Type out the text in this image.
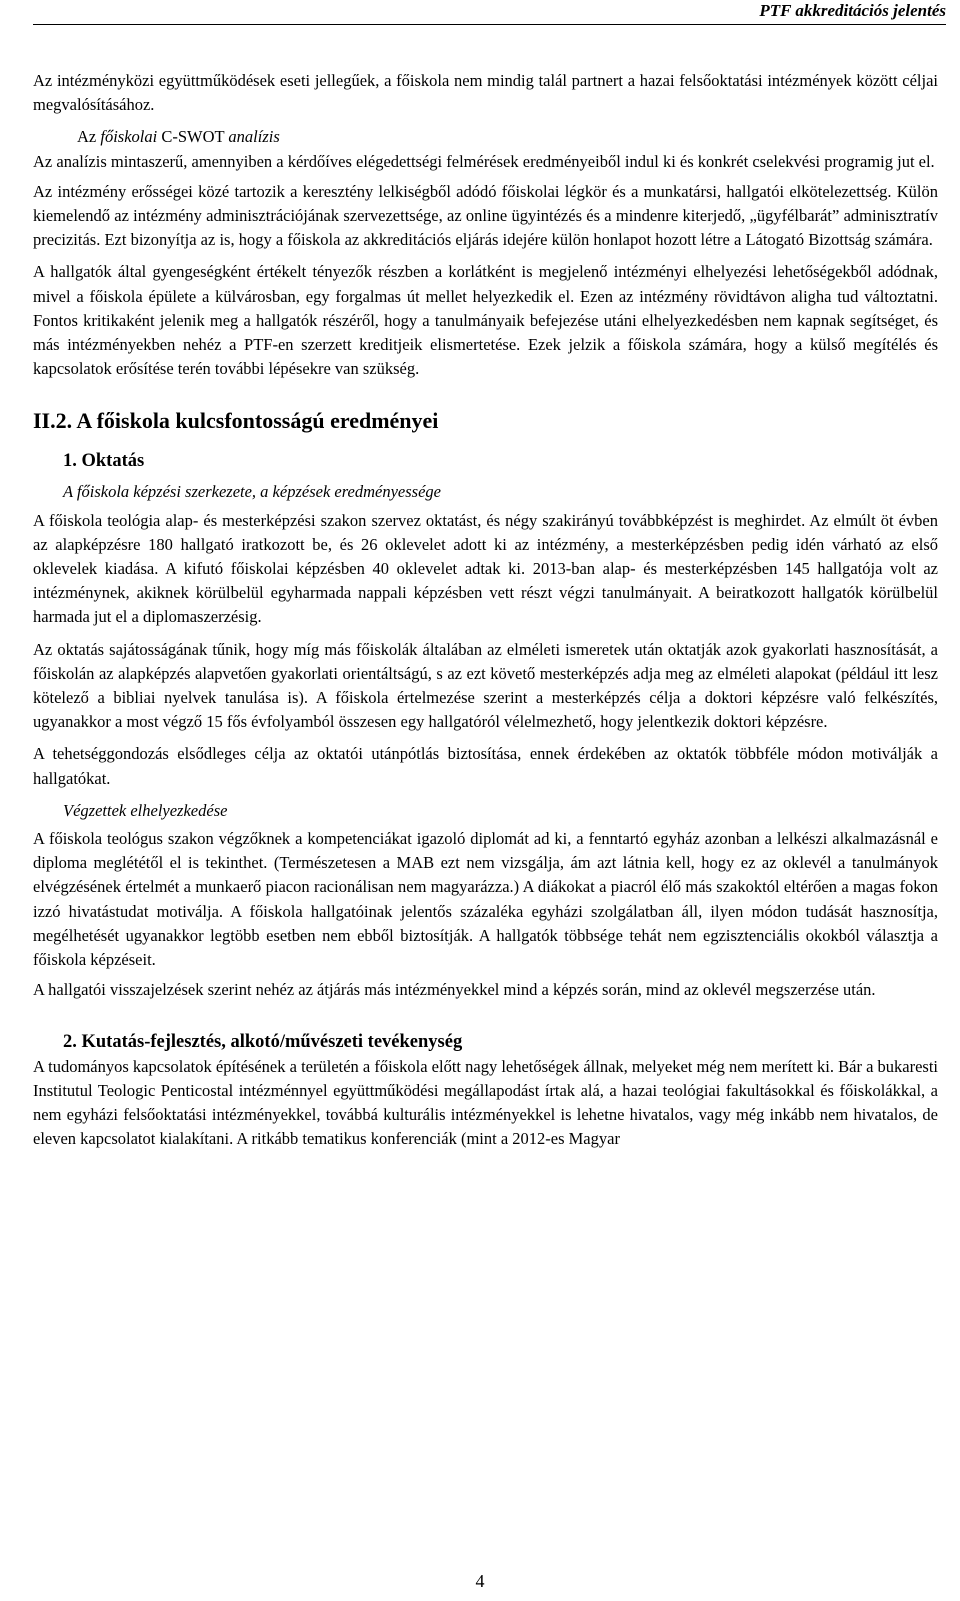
PTF akkreditációs jelentés

Az intézményközi együttműködések eseti jellegűek, a főiskola nem mindig talál partnert a hazai felsőoktatási intézmények között céljai megvalósításához.

Az főiskolai C-SWOT analízis

Az analízis mintaszerű, amennyiben a kérdőíves elégedettségi felmérések eredményeiből indul ki és konkrét cselekvési programig jut el.

Az intézmény erősségei közé tartozik a keresztény lelkiségből adódó főiskolai légkör és a munkatársi, hallgatói elkötelezettség. Külön kiemelendő az intézmény adminisztrációjának szervezettsége, az online ügyintézés és a mindenre kiterjedő, „ügyfélbarát” adminisztratív precizitás. Ezt bizonyítja az is, hogy a főiskola az akkreditációs eljárás idejére külön honlapot hozott létre a Látogató Bizottság számára.

A hallgatók által gyengeségként értékelt tényezők részben a korlátként is megjelenő intézményi elhelyezési lehetőségekből adódnak, mivel a főiskola épülete a külvárosban, egy forgalmas út mellet helyezkedik el. Ezen az intézmény rövidtávon aligha tud változtatni. Fontos kritikaként jelenik meg a hallgatók részéről, hogy a tanulmányaik befejezése utáni elhelyezkedésben nem kapnak segítséget, és más intézményekben nehéz a PTF-en szerzett kreditjeik elismertetése. Ezek jelzik a főiskola számára, hogy a külső megítélés és kapcsolatok erősítése terén további lépésekre van szükség.

II.2. A főiskola kulcsfontosságú eredményei
1. Oktatás

A főiskola képzési szerkezete, a képzések eredményessége

A főiskola teológia alap- és mesterképzési szakon szervez oktatást, és négy szakirányú továbbképzést is meghirdet. Az elmúlt öt évben az alapképzésre 180 hallgató iratkozott be, és 26 oklevelet adott ki az intézmény, a mesterképzésben pedig idén várható az első oklevelek kiadása. A kifutó főiskolai képzésben 40 oklevelet adtak ki. 2013-ban alap- és mesterképzésben 145 hallgatója volt az intézménynek, akiknek körülbelül egyharmada nappali képzésben vett részt végzi tanulmányait. A beiratkozott hallgatók körülbelül harmada jut el a diplomaszerzésig.

Az oktatás sajátosságának tűnik, hogy míg más főiskolák általában az elméleti ismeretek után oktatják azok gyakorlati hasznosítását, a főiskolán az alapképzés alapvetően gyakorlati orientáltságú, s az ezt követő mesterképzés adja meg az elméleti alapokat (például itt lesz kötelező a bibliai nyelvek tanulása is). A főiskola értelmezése szerint a mesterképzés célja a doktori képzésre való felkészítés, ugyanakkor a most végző 15 fős évfolyamból összesen egy hallgatóról vélelmezhető, hogy jelentkezik doktori képzésre.

A tehetséggondozás elsődleges célja az oktatói utánpótlás biztosítása, ennek érdekében az oktatók többféle módon motiválják a hallgatókat.

Végzettek elhelyezkedése

A főiskola teológus szakon végzőknek a kompetenciákat igazoló diplomát ad ki, a fenntartó egyház azonban a lelkészi alkalmazásnál e diploma meglététől el is tekinthet. (Természetesen a MAB ezt nem vizsgálja, ám azt látnia kell, hogy ez az oklevél a tanulmányok elvégzésének értelmét a munkaerő piacon racionálisan nem magyarázza.) A diákokat a piacról élő más szakoktól eltérően a magas fokon izzó hivatástudat motiválja. A főiskola hallgatóinak jelentős százaléka egyházi szolgálatban áll, ilyen módon tudását hasznosítja, megélhetését ugyanakkor legtöbb esetben nem ebből biztosítják. A hallgatók többsége tehát nem egzisztenciális okokból választja a főiskola képzéseit.

A hallgatói visszajelzések szerint nehéz az átjárás más intézményekkel mind a képzés során, mind az oklevél megszerzése után.

2. Kutatás-fejlesztés, alkotó/művészeti tevékenység

A tudományos kapcsolatok építésének a területén a főiskola előtt nagy lehetőségek állnak, melyeket még nem merített ki. Bár a bukaresti Institutul Teologic Penticostal intézménnyel együttműködési megállapodást írtak alá, a hazai teológiai fakultásokkal és főiskolákkal, a nem egyházi felsőoktatási intézményekkel, továbbá kulturális intézményekkel is lehetne hivatalos, vagy még inkább nem hivatalos, de eleven kapcsolatot kialakítani. A ritkább tematikus konferenciák (mint a 2012-es Magyar

4
